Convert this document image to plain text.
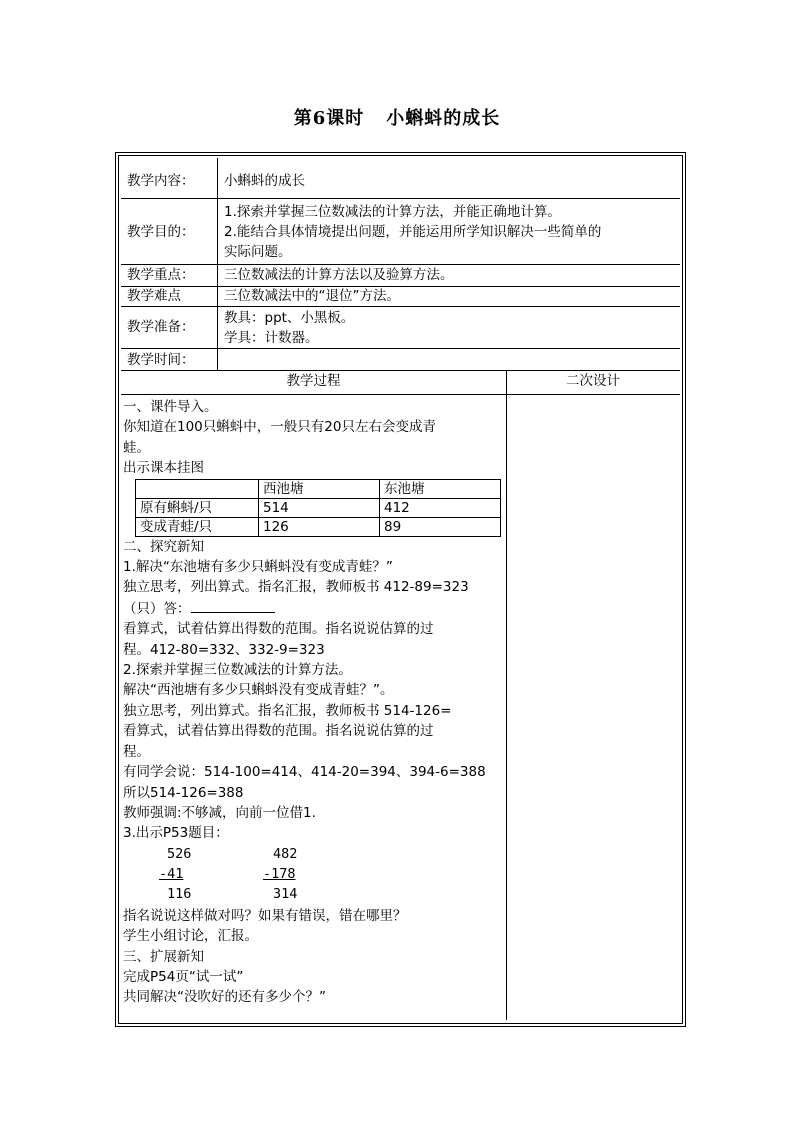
第6课时 小蝌蚪的成长
教学内容：	小蝌蚪的成长
教学目的：
1.探索并掌握三位数减法的计算方法，并能正确地计算。
2.能结合具体情境提出问题，并能运用所学知识解决一些简单的
实际问题。
教学重点：	三位数减法的计算方法以及验算方法。
教学难点	三位数减法中的“退位”方法。
教学准备：
教具：ppt、小黑板。
学具：计数器。
教学时间：
教学过程	二次设计

一、课件导入。

你知道在100只蝌蚪中，一般只有20只左右会变成青

蛙。

出示课本挂图

	西池塘	东池塘
原有蝌蚪/只	514	412
变成青蛙/只	126	89

二、探究新知

1.解决“东池塘有多少只蝌蚪没有变成青蛙？”

独立思考，列出算式。指名汇报，教师板书 412-89=323

（只）答：

看算式，试着估算出得数的范围。指名说说估算的过

程。412-80=332、332-9=323

2.探索并掌握三位数减法的计算方法。

解决“西池塘有多少只蝌蚪没有变成青蛙？”。

独立思考，列出算式。指名汇报，教师板书 514-126=

看算式，试着估算出得数的范围。指名说说估算的过

程。

有同学会说：514-100=414、414-20=394、394-6=388

所以514-126=388

教师强调:不够减，向前一位借1.

3.出示P53题目：

526
-41
116
482
-178
314

指名说说这样做对吗？如果有错误，错在哪里？

学生小组讨论，汇报。

三、扩展新知

完成P54页“试一试”

共同解决“没吹好的还有多少个？”
